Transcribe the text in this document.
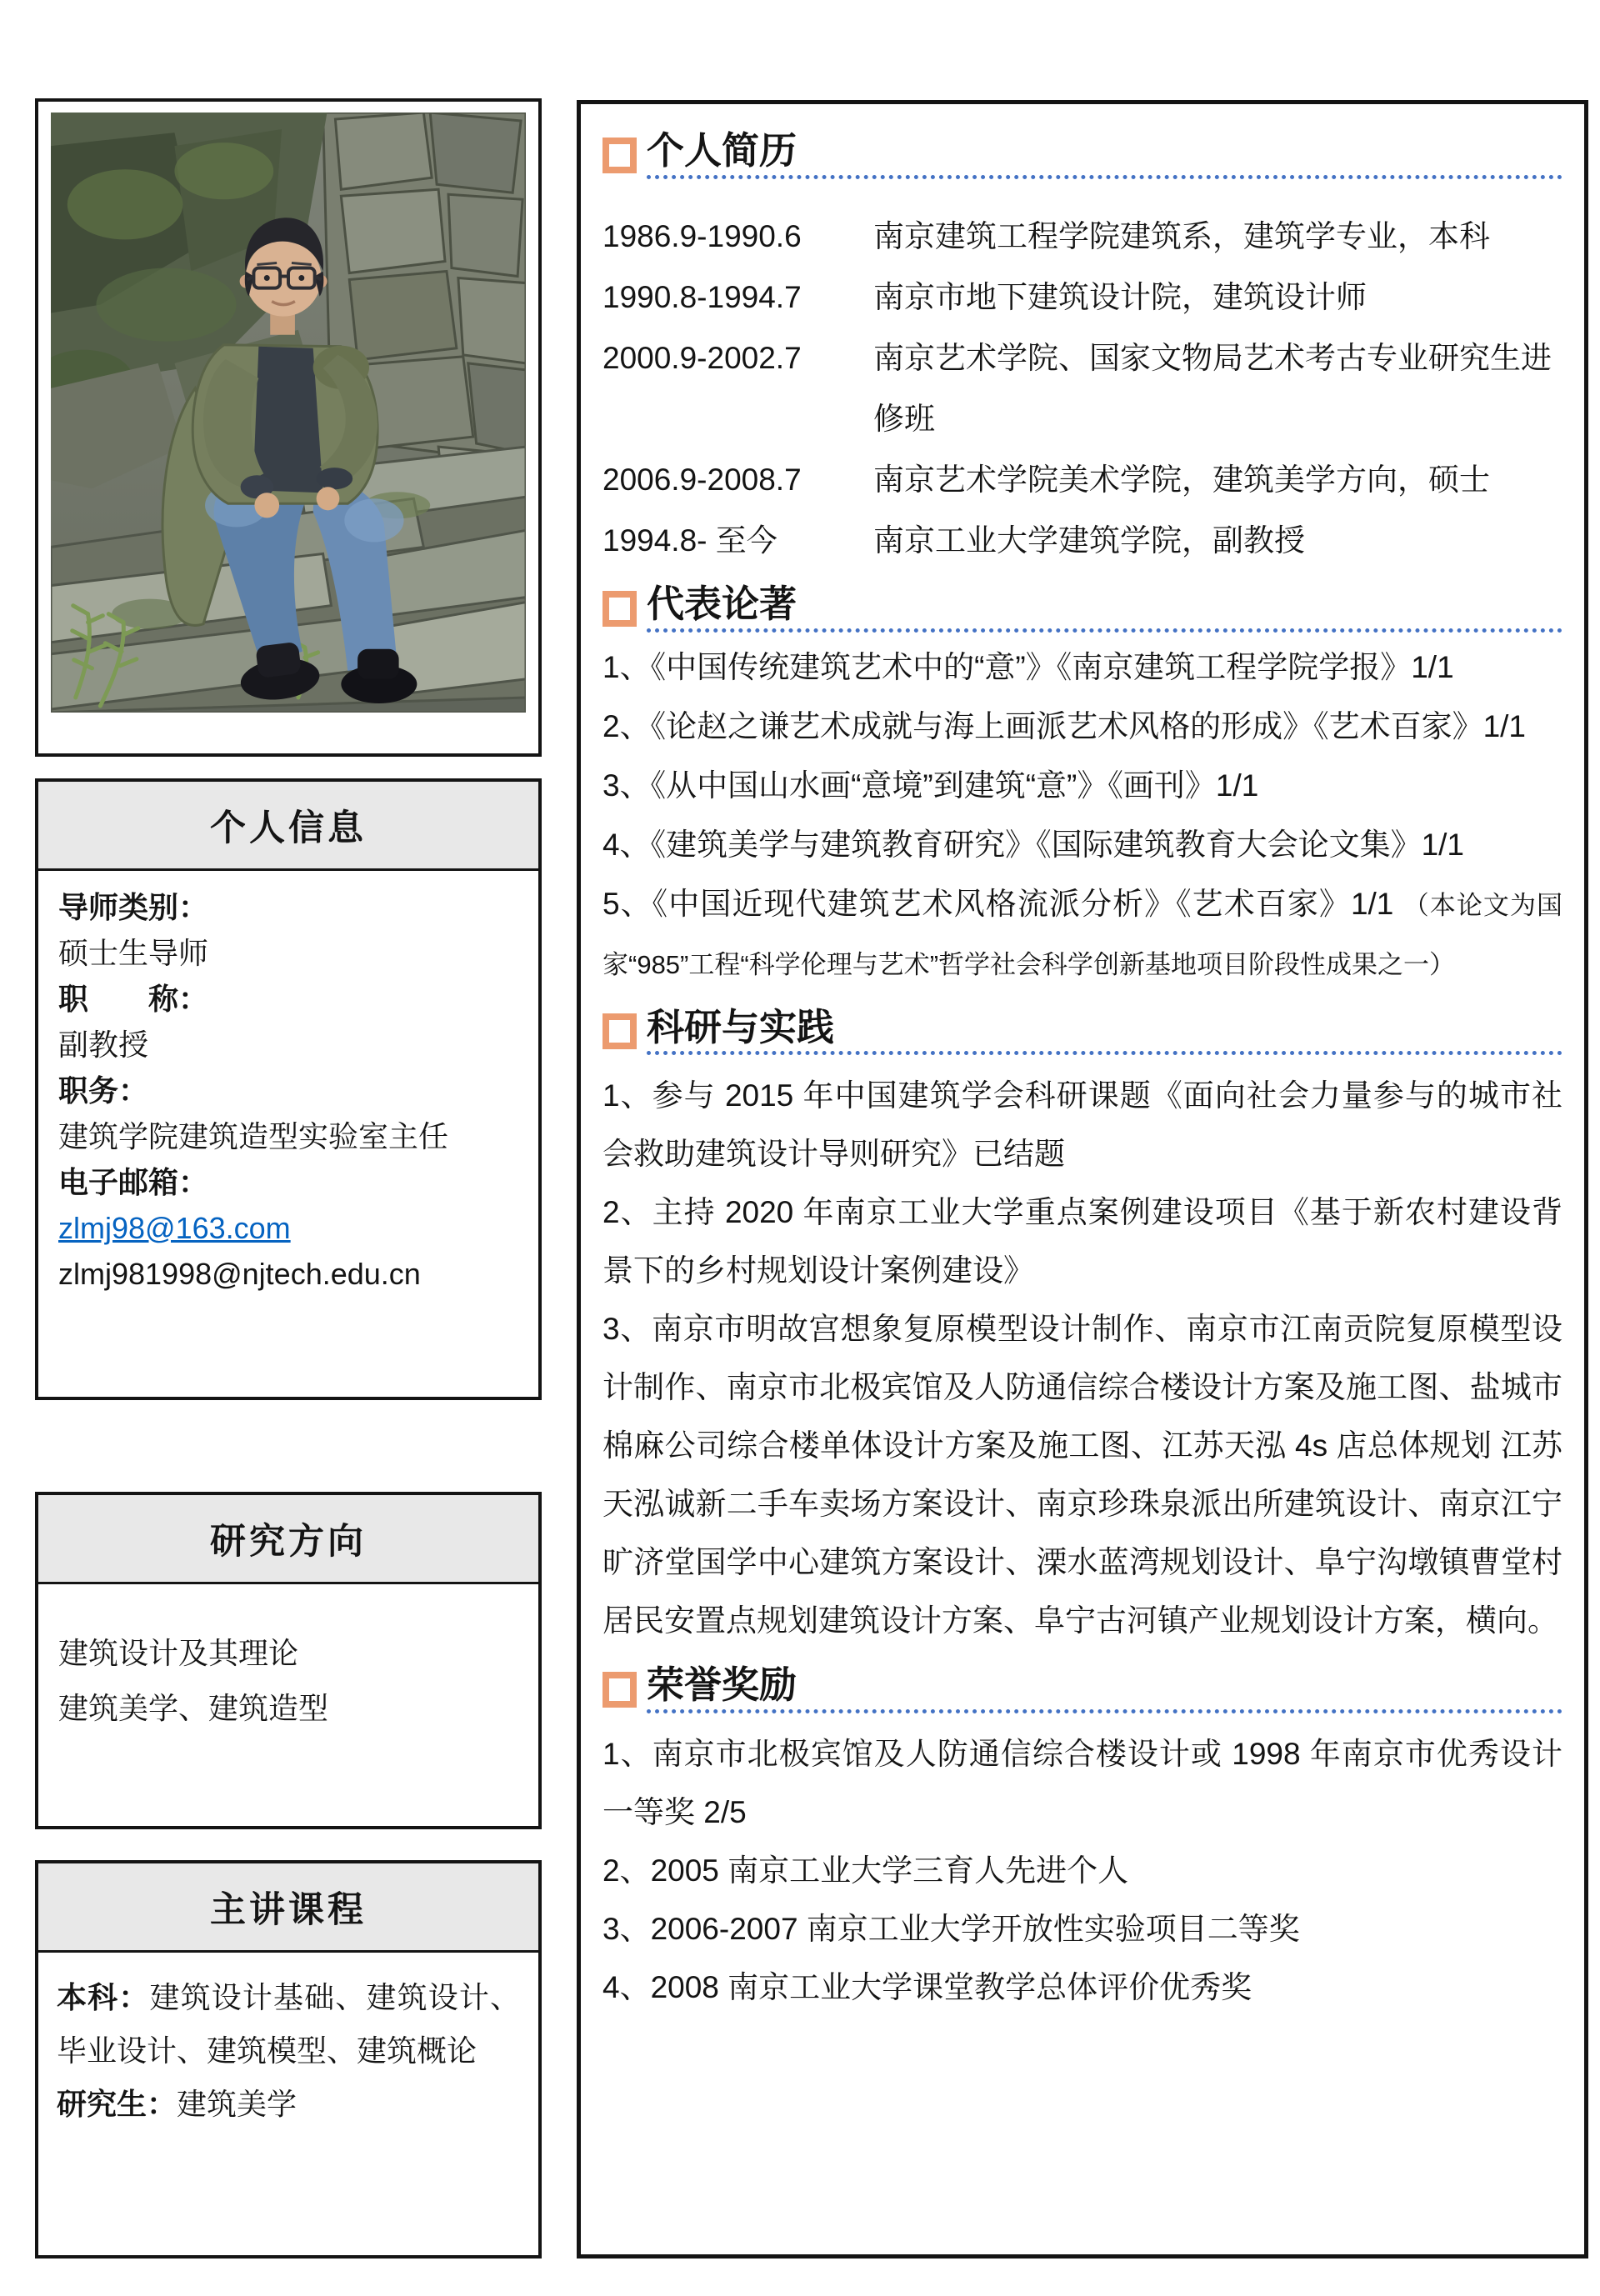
个人信息
导师类别：
硕士生导师
职　　称：
副教授
职务：
建筑学院建筑造型实验室主任
电子邮箱：
zlmj98@163.com
zlmj981998@njtech.edu.cn
研究方向
建筑设计及其理论
建筑美学、建筑造型
主讲课程
本科：建筑设计基础、建筑设计、毕业设计、建筑模型、建筑概论
研究生：建筑美学
个人简历
1986.9-1990.6	南京建筑工程学院建筑系，建筑学专业，本科
1990.8-1994.7	南京市地下建筑设计院，建筑设计师
2000.9-2002.7	南京艺术学院、国家文物局艺术考古专业研究生进
修班
2006.9-2008.7	南京艺术学院美术学院，建筑美学方向，硕士
1994.8- 至今	南京工业大学建筑学院，副教授
代表论著
1、《中国传统建筑艺术中的“意”》《南京建筑工程学院学报》1/1
2、《论赵之谦艺术成就与海上画派艺术风格的形成》《艺术百家》1/1
3、《从中国山水画“意境”到建筑“意”》《画刊》1/1
4、《建筑美学与建筑教育研究》《国际建筑教育大会论文集》1/1
5、《中国近现代建筑艺术风格流派分析》《艺术百家》1/1 （本论文为国家“985”工程“科学伦理与艺术”哲学社会科学创新基地项目阶段性成果之一）
科研与实践
1、参与 2015 年中国建筑学会科研课题《面向社会力量参与的城市社会救助建筑设计导则研究》已结题
2、主持 2020 年南京工业大学重点案例建设项目《基于新农村建设背景下的乡村规划设计案例建设》
3、南京市明故宫想象复原模型设计制作、南京市江南贡院复原模型设计制作、南京市北极宾馆及人防通信综合楼设计方案及施工图、盐城市棉麻公司综合楼单体设计方案及施工图、江苏天泓 4s 店总体规划 江苏天泓诚新二手车卖场方案设计、南京珍珠泉派出所建筑设计、南京江宁旷济堂国学中心建筑方案设计、溧水蓝湾规划设计、阜宁沟墩镇曹堂村居民安置点规划建筑设计方案、阜宁古河镇产业规划设计方案，横向。
荣誉奖励
1、南京市北极宾馆及人防通信综合楼设计或 1998 年南京市优秀设计一等奖 2/5
2、2005 南京工业大学三育人先进个人
3、2006-2007 南京工业大学开放性实验项目二等奖
4、2008 南京工业大学课堂教学总体评价优秀奖
